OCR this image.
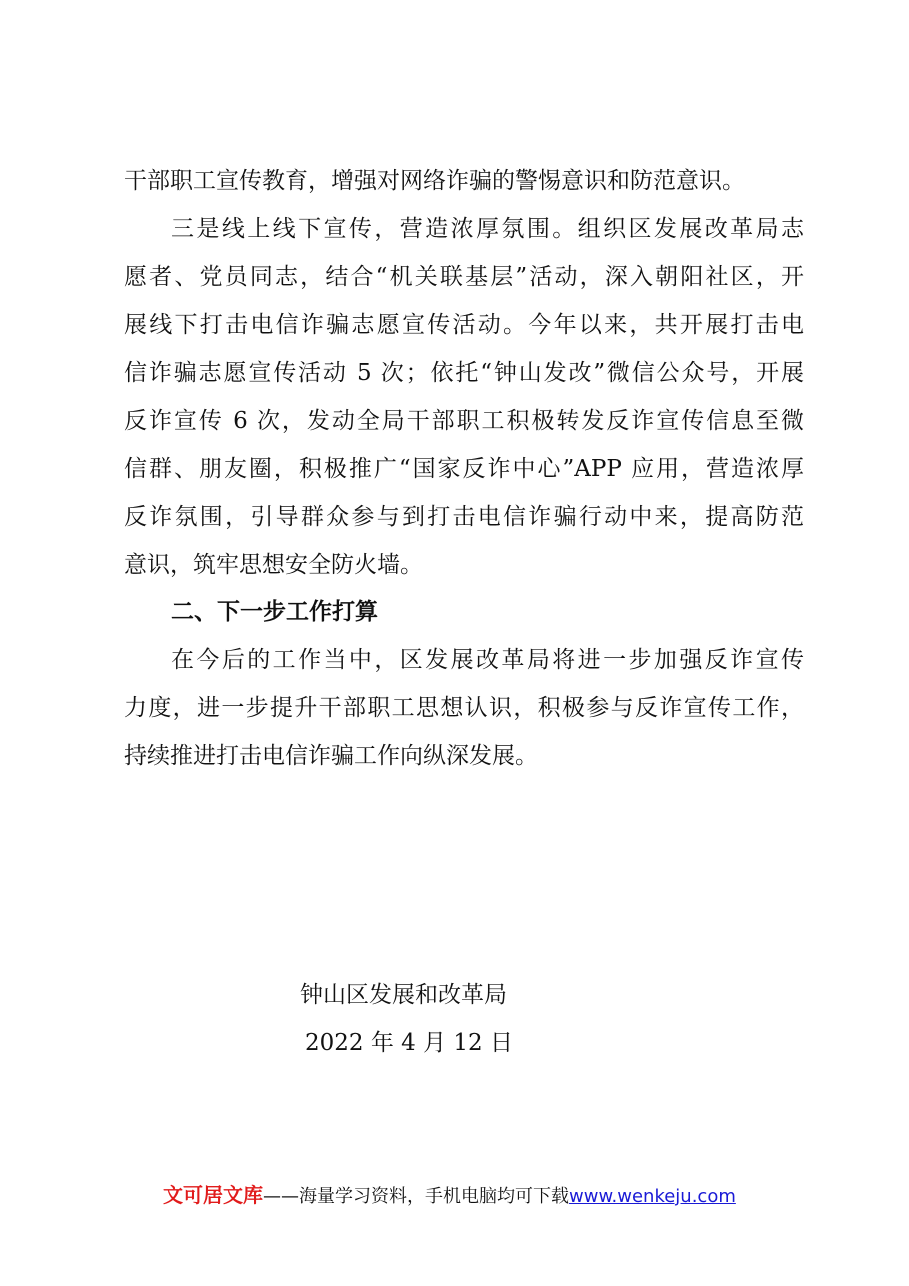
干部职工宣传教育，增强对网络诈骗的警惕意识和防范意识。
三是线上线下宣传，营造浓厚氛围。组织区发展改革局志
愿者、党员同志，结合“机关联基层”活动，深入朝阳社区，开
展线下打击电信诈骗志愿宣传活动。今年以来，共开展打击电
信诈骗志愿宣传活动 5 次；依托“钟山发改”微信公众号，开展
反诈宣传 6 次，发动全局干部职工积极转发反诈宣传信息至微
信群、朋友圈，积极推广“国家反诈中心”APP 应用，营造浓厚
反诈氛围，引导群众参与到打击电信诈骗行动中来，提高防范
意识，筑牢思想安全防火墙。
二、下一步工作打算
在今后的工作当中，区发展改革局将进一步加强反诈宣传
力度，进一步提升干部职工思想认识，积极参与反诈宣传工作，
持续推进打击电信诈骗工作向纵深发展。
钟山区发展和改革局
2022 年 4 月 12 日
文可居文库——海量学习资料，手机电脑均可下载www.wenkeju.com
